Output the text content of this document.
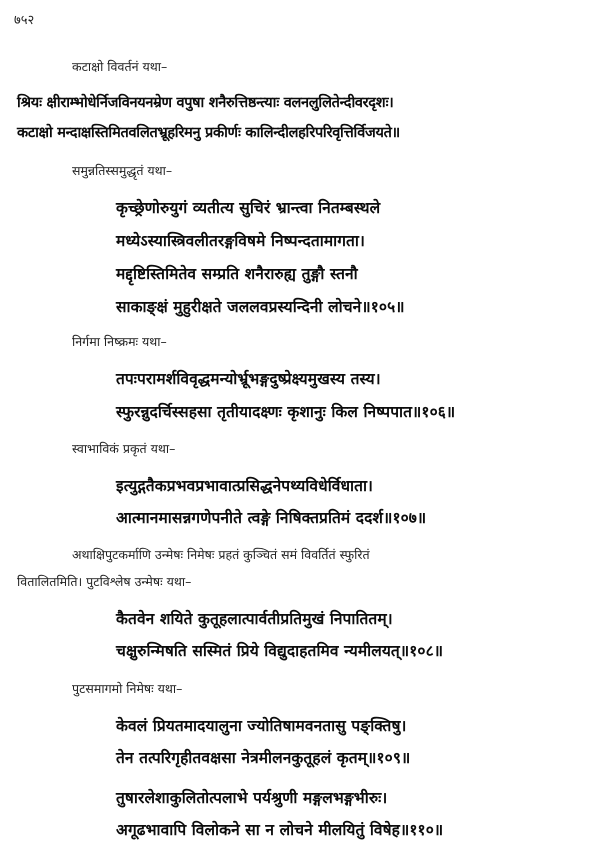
७५२
कटाक्षो विवर्तनं यथा–
श्रियः क्षीराम्भोधेर्निजविनयनम्रेण वपुषा शनैरुत्तिष्ठन्त्याः वलनलुलितेन्दीवरदृशः।
कटाक्षो मन्दाक्षस्तिमितवलितभ्रूहरिमनु प्रकीर्णः कालिन्दीलहरिपरिवृत्तिर्विजयते॥
समुन्नतिस्समुद्धृतं यथा–
कृच्छ्रेणोरुयुगं व्यतीत्य सुचिरं भ्रान्त्वा नितम्बस्थले
मध्येऽस्यास्त्रिवलीतरङ्गविषमे निष्पन्दतामागता।
मद्दृष्टिस्तिमितेव सम्प्रति शनैरारुह्य तुङ्गौ स्तनौ
साकाङ्क्षं मुहुरीक्षते जललवप्रस्यन्दिनी लोचने॥१०५॥
निर्गमा निष्क्रमः यथा–
तपःपरामर्शविवृद्धमन्योर्भ्रूभङ्गदुष्प्रेक्ष्यमुखस्य तस्य।
स्फुरन्नुदर्चिस्सहसा तृतीयादक्ष्णः कृशानुः किल निष्पपात॥१०६॥
स्वाभाविकं प्रकृतं यथा–
इत्युद्गतैकप्रभवप्रभावात्प्रसिद्धनेपथ्यविधेर्विधाता।
आत्मानमासन्नगणेपनीते त्वङ्गे निषिक्तप्रतिमं ददर्श॥१०७॥
अथाक्षिपुटकर्माणि उन्मेषः निमेषः प्रहतं कुञ्चितं समं विवर्तितं स्फुरितं
वितालितमिति। पुटविश्लेष उन्मेषः यथा–
कैतवेन शयिते कुतूहलात्पार्वतीप्रतिमुखं निपातितम्।
चक्षुरुन्मिषति सस्मितं प्रिये विद्युदाहतमिव न्यमीलयत्॥१०८॥
पुटसमागमो निमेषः यथा–
केवलं प्रियतमादयालुना ज्योतिषामवनतासु पङ्क्तिषु।
तेन तत्परिगृहीतवक्षसा नेत्रमीलनकुतूहलं कृतम्॥१०९॥
तुषारलेशाकुलितोत्पलाभे पर्यश्रुणी मङ्गलभङ्गभीरुः।
अगूढभावापि विलोकने सा न लोचने मीलयितुं विषेह॥११०॥
